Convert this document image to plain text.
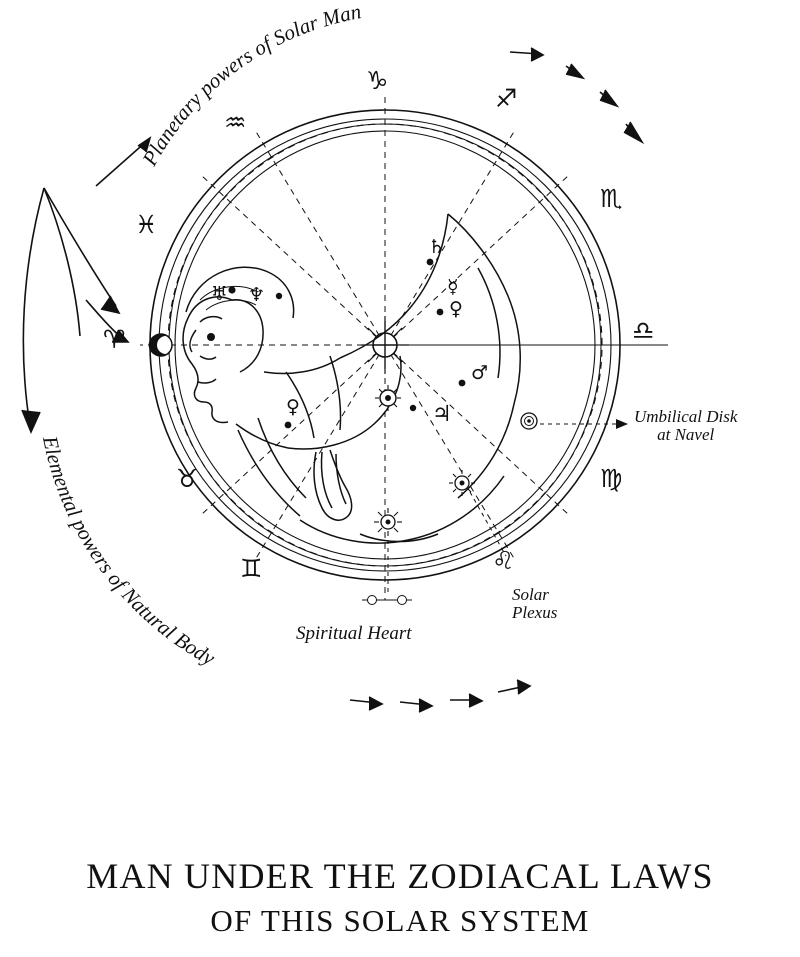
Planetary powers of Solar Man
Elemental powers of Natural Body
♑
♒
♓
♈
♉
♊	♌
♍
♎
♏
♐
♄
☿
♀
♆
♅
♂
♃
♀	Umbilical Disk
at Navel
Solar
Plexus
Spiritual Heart
MAN UNDER THE ZODIACAL LAWS
OF THIS SOLAR SYSTEM
